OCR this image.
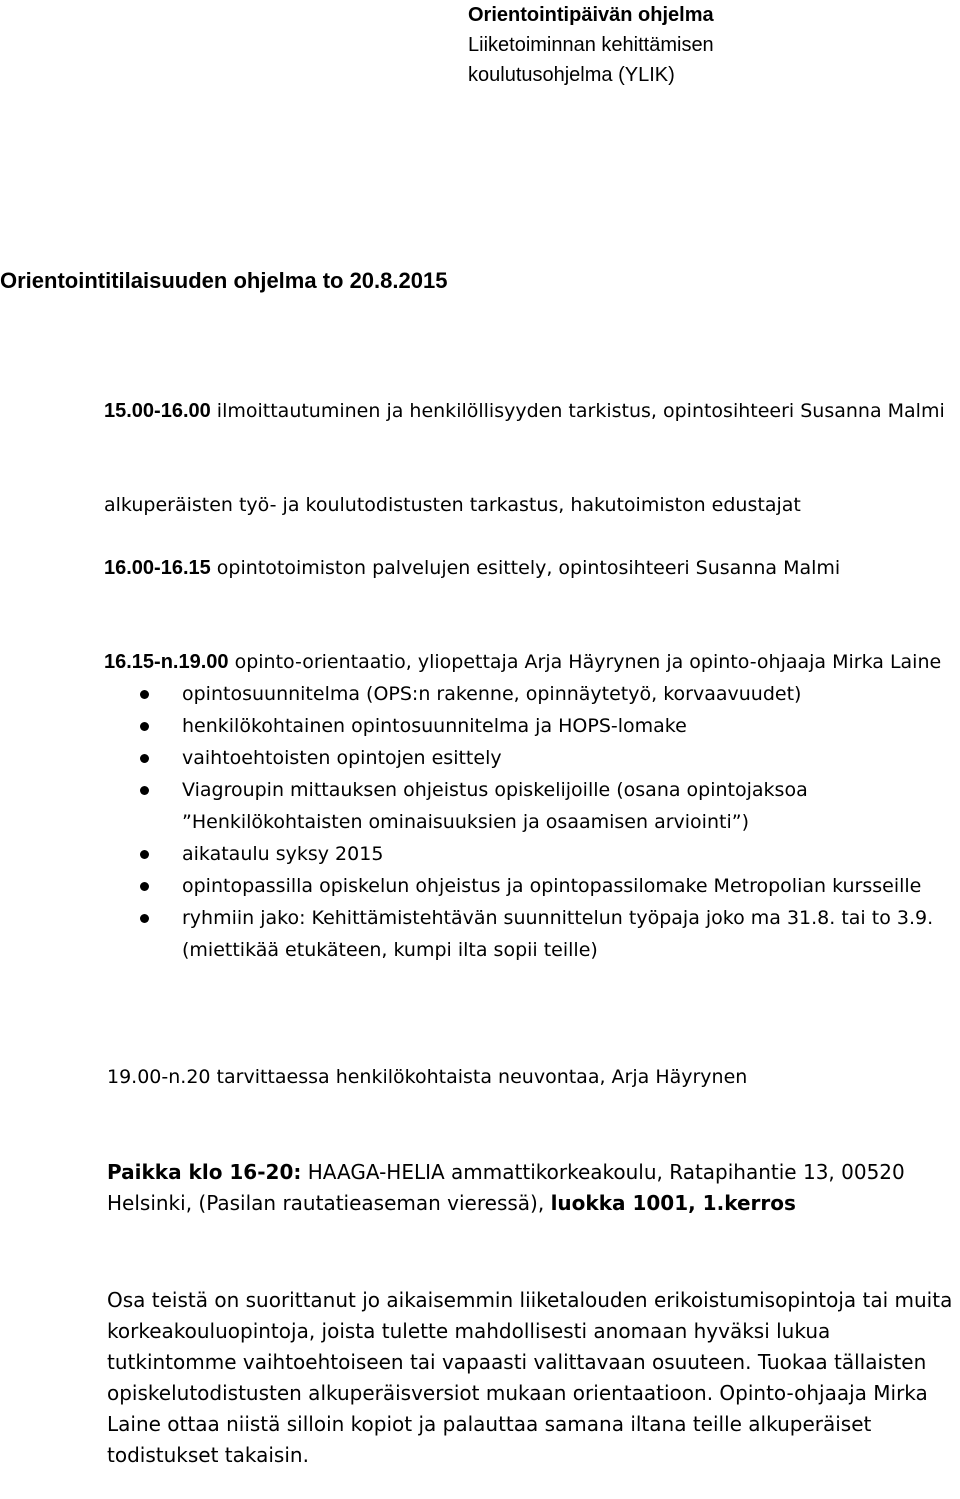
Orientointipäivän ohjelma
Liiketoiminnan kehittämisen
koulutusohjelma (YLIK)
Orientointitilaisuuden ohjelma to 20.8.2015
15.00-16.00 ilmoittautuminen ja henkilöllisyyden tarkistus, opintosihteeri Susanna Malmi
alkuperäisten työ- ja koulutodistusten tarkastus, hakutoimiston edustajat
16.00-16.15 opintotoimiston palvelujen esittely, opintosihteeri Susanna Malmi
16.15-n.19.00 opinto-orientaatio, yliopettaja Arja Häyrynen ja opinto-ohjaaja Mirka Laine
opintosuunnitelma (OPS:n rakenne, opinnäytetyö, korvaavuudet)
henkilökohtainen opintosuunnitelma ja HOPS-lomake
vaihtoehtoisten opintojen esittely
Viagroupin mittauksen ohjeistus opiskelijoille (osana opintojaksoa ”Henkilökohtaisten ominaisuuksien ja osaamisen arviointi”)
aikataulu syksy 2015
opintopassilla opiskelun ohjeistus ja opintopassilomake Metropolian kursseille
ryhmiin jako: Kehittämistehtävän suunnittelun työpaja joko ma 31.8. tai to 3.9. (miettikää etukäteen, kumpi ilta sopii teille)
19.00-n.20 tarvittaessa henkilökohtaista neuvontaa, Arja Häyrynen
Paikka klo 16-20: HAAGA-HELIA ammattikorkeakoulu, Ratapihantie 13, 00520 Helsinki, (Pasilan rautatieaseman vieressä), luokka 1001, 1.kerros
Osa teistä on suorittanut jo aikaisemmin liiketalouden erikoistumisopintoja tai muita korkeakouluopintoja, joista tulette mahdollisesti anomaan hyväksi lukua tutkintomme vaihtoehtoiseen tai vapaasti valittavaan osuuteen. Tuokaa tällaisten opiskelutodistusten alkuperäisversiot mukaan orientaatioon. Opinto-ohjaaja Mirka Laine ottaa niistä silloin kopiot ja palauttaa samana iltana teille alkuperäiset todistukset takaisin.
